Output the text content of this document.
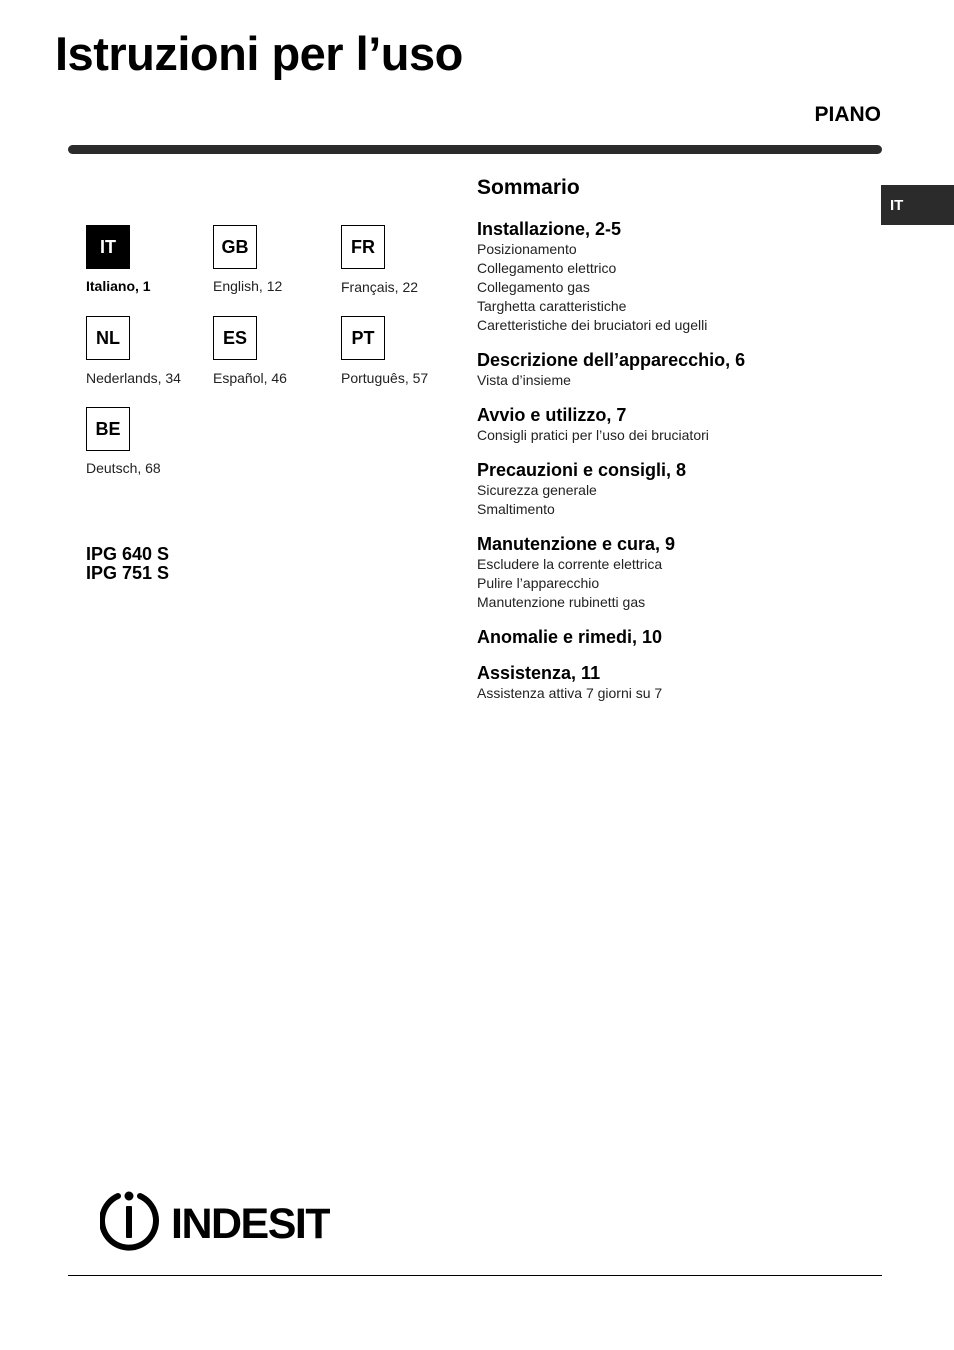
Istruzioni per l’uso
PIANO
IT
IT
Italiano, 1
GB
English, 12
FR
Français, 22
NL
Nederlands, 34
ES
Español, 46
PT
Português, 57
BE
Deutsch, 68
IPG 640 S
IPG 751 S
Sommario
Installazione, 2-5
Posizionamento
Collegamento elettrico
Collegamento gas
Targhetta caratteristiche
Caretteristiche dei bruciatori ed ugelli
Descrizione dell’apparecchio, 6
Vista d’insieme
Avvio e utilizzo, 7
Consigli pratici per l’uso dei bruciatori
Precauzioni e consigli, 8
Sicurezza generale
Smaltimento
Manutenzione e cura, 9
Escludere la corrente elettrica
Pulire l’apparecchio
Manutenzione rubinetti gas
Anomalie e rimedi, 10
Assistenza, 11
Assistenza attiva 7 giorni su 7
INDESIT
